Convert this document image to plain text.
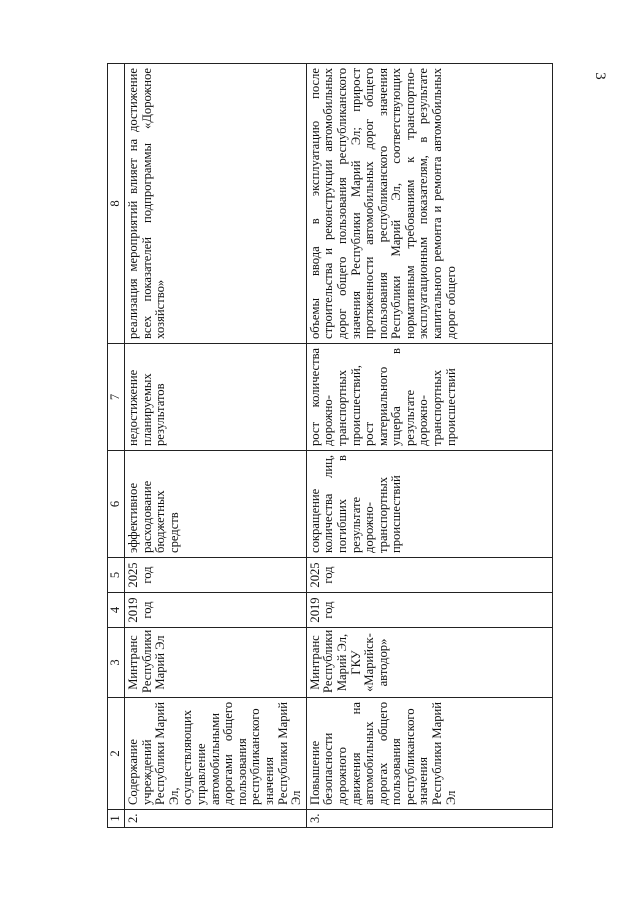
3
1	2	3	4	5	6	7	8
2.	Содержание учреждений Республики Марий Эл, осуществляющих управление автомобильными дорогами общего пользования республиканского значения Республики Марий Эл	Минтранс Республики Марий Эл	2019 год	2025 год	эффективное расходование бюджетных средств	недостижение планируемых результатов	реализация мероприятий влияет на достижение всех показателей подпрограммы «Дорожное хозяйство»
3.	Повышение безопасности дорожного движения на автомобильных дорогах общего пользования республиканского значения Республики Марий Эл	Минтранс Республики Марий Эл, ГКУ «Марийск-автодор»	2019 год	2025 год	сокращение количества лиц, погибших в результате дорожно-транспортных происшествий	рост количества дорожно-транспортных происшествий, рост материального ущерба в результате дорожно-транспортных происшествий	объемы ввода в эксплуатацию после строительства и реконструкции автомобильных дорог общего пользования республиканского значения Республики Марий Эл; прирост протяженности автомобильных дорог общего пользования республиканского значения Республики Марий Эл, соответствующих нормативным требованиям к транспортно-эксплуатационным показателям, в результате капитального ремонта и ремонта автомобильных дорог общего
